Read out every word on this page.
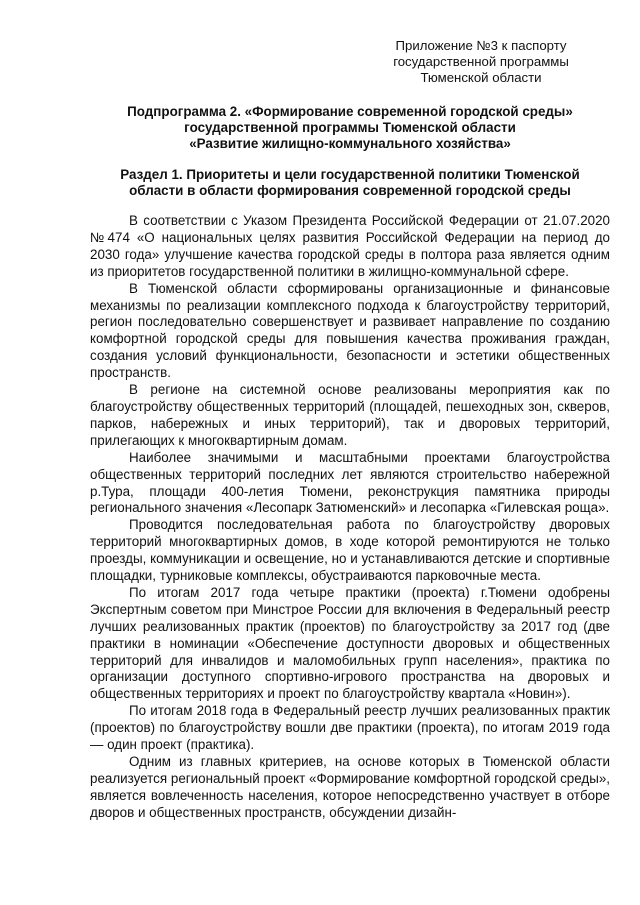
Приложение №3 к паспорту
государственной программы
Тюменской области
Подпрограмма 2. «Формирование современной городской среды»
государственной программы Тюменской области
«Развитие жилищно-коммунального хозяйства»
Раздел 1. Приоритеты и цели государственной политики Тюменской
области в области формирования современной городской среды

В соответствии с Указом Президента Российской Федерации от 21.07.2020 №474 «О национальных целях развития Российской Федерации на период до 2030 года» улучшение качества городской среды в полтора раза является одним из приоритетов государственной политики в жилищно-коммунальной сфере.

В Тюменской области сформированы организационные и финансовые механизмы по реализации комплексного подхода к благоустройству территорий, регион последовательно совершенствует и развивает направление по созданию комфортной городской среды для повышения качества проживания граждан, создания условий функциональности, безопасности и эстетики общественных пространств.

В регионе на системной основе реализованы мероприятия как по благоустройству общественных территорий (площадей, пешеходных зон, скверов, парков, набережных и иных территорий), так и дворовых территорий, прилегающих к многоквартирным домам.

Наиболее значимыми и масштабными проектами благоустройства общественных территорий последних лет являются строительство набережной р.Тура, площади 400-летия Тюмени, реконструкция памятника природы регионального значения «Лесопарк Затюменский» и лесопарка «Гилевская роща».

Проводится последовательная работа по благоустройству дворовых территорий многоквартирных домов, в ходе которой ремонтируются не только проезды, коммуникации и освещение, но и устанавливаются детские и спортивные площадки, турниковые комплексы, обустраиваются парковочные места.

По итогам 2017 года четыре практики (проекта) г.Тюмени одобрены Экспертным советом при Минстрое России для включения в Федеральный реестр лучших реализованных практик (проектов) по благоустройству за 2017 год (две практики в номинации «Обеспечение доступности дворовых и общественных территорий для инвалидов и маломобильных групп населения», практика по организации доступного спортивно-игрового пространства на дворовых и общественных территориях и проект по благоустройству квартала «Новин»).

По итогам 2018 года в Федеральный реестр лучших реализованных практик (проектов) по благоустройству вошли две практики (проекта), по итогам 2019 года — один проект (практика).

Одним из главных критериев, на основе которых в Тюменской области реализуется региональный проект «Формирование комфортной городской среды», является вовлеченность населения, которое непосредственно участвует в отборе дворов и общественных пространств, обсуждении дизайн-
